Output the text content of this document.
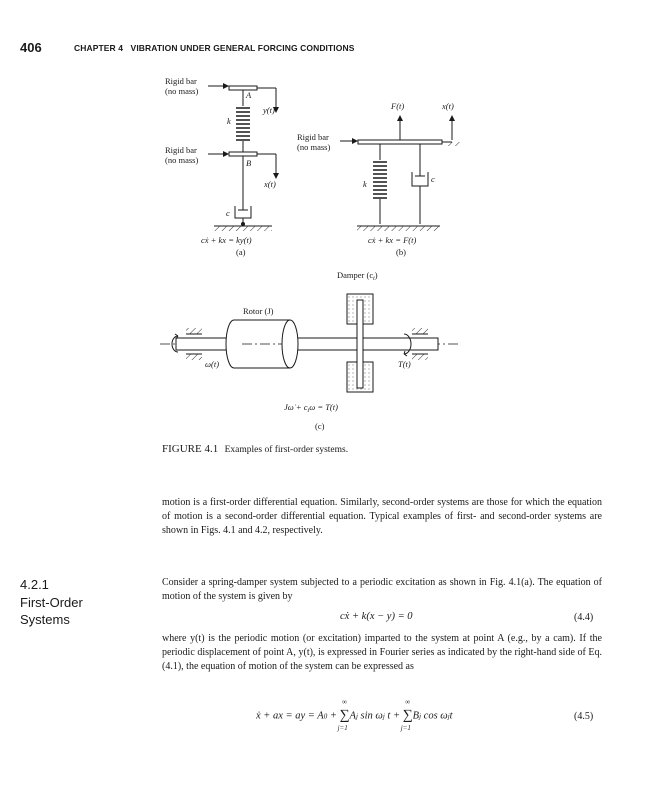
406	CHAPTER 4 VIBRATION UNDER GENERAL FORCING CONDITIONS
Rigid bar
(no mass)	A
y(t)
k
Rigid bar
(no mass)	B
x(t)
c
cẋ + kx = ky(t)
(a)
F(t)	x(t)
Rigid bar
(no mass)
k	c
cẋ + kx = F(t)
(b)
Damper $(c_t)$
Rotor (J)
ω(t)	T(t)
Jω̇ + $c_t\omega = T(t)$
(c)
FIGURE 4.1 Examples of first-order systems.
motion is a first-order differential equation. Similarly, second-order systems are those for which the equation of motion is a second-order differential equation. Typical examples of first- and second-order systems are shown in Figs. 4.1 and 4.2, respectively.
4.2.1
First-Order Systems
Consider a spring-damper system subjected to a periodic excitation as shown in Fig. 4.1(a). The equation of motion of the system is given by
cẋ + k(x − y) = 0	(4.4)
where y(t) is the periodic motion (or excitation) imparted to the system at point A (e.g., by a cam). If the periodic displacement of point A, y(t), is expressed in Fourier series as indicated by the right-hand side of Eq. (4.1), the equation of motion of the system can be expressed as
ẋ + ax = ay = A0 +
∞
∑
j=1
Aj sin ωj t +
∞
∑
j=1
Bj cos ωjt	(4.5)
